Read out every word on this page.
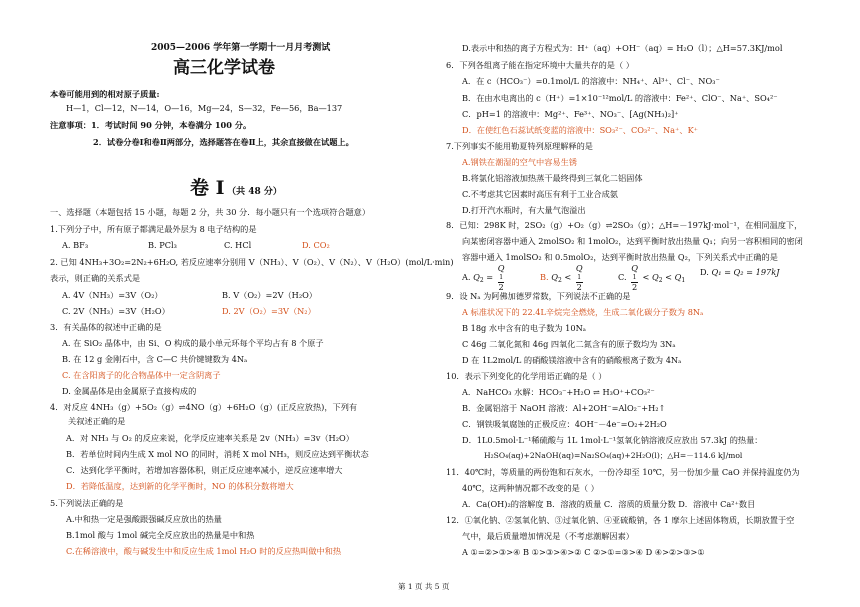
2005—2006 学年第一学期十一月月考测试
高三化学试卷
本卷可能用到的相对原子质量:
H—1，Cl—12，N—14，O—16，Mg—24，S—32，Fe—56，Ba—137
注意事项：1．考试时间 90 分钟，本卷满分 100 分。
2．试卷分卷Ⅰ和卷Ⅱ两部分，选择题答在卷Ⅱ上，其余直接做在试题上。
卷 I （共 48 分）
一、选择题（本题包括 15 小题，每题 2 分，共 30 分．每小题只有一个选项符合题意）
1.下列分子中，所有原子都满足最外层为 8 电子结构的是
A. BF₃	B. PCl₃	C. HCl	D. CO₂
2. 已知 4NH₃+3O₂=2N₂+6H₂O, 若反应速率分别用 V（NH₃）、V（O₂）、V（N₂）、V（H₂O）(mol/L·min)
表示，则正确的关系式是
A. 4V（NH₃）=3V（O₂）	B. V（O₂）=2V（H₂O）
C. 2V（NH₃）=3V（H₂O）	D. 2V（O₂）=3V（N₂）
3．有关晶体的叙述中正确的是
A. 在 SiO₂ 晶体中，由 Si、O 构成的最小单元环每个平均占有 8 个原子
B. 在 12 g 金刚石中，含 C—C 共价键键数为 4Nₐ
C. 在含阳离子的化合物晶体中一定含阴离子
D. 金属晶体是由金属原子直接构成的
4．对反应 4NH₃（g）+5O₂（g）⇌4NO（g）+6H₂O（g）(正反应放热)，下列有
关叙述正确的是
A．对 NH₃ 与 O₂ 的反应来说，化学反应速率关系是 2v（NH₃）=3v（H₂O）
B．若单位时间内生成 X mol NO 的同时，消耗 X mol NH₃，则反应达到平衡状态
C．达到化学平衡时，若增加容器体积，则正反应速率减小，逆反应速率增大
D．若降低温度，达到新的化学平衡时，NO 的体积分数将增大
5.下列说法正确的是
A.中和热一定是强酸跟强碱反应放出的热量
B.1mol 酸与 1mol 碱完全反应放出的热量是中和热
C.在稀溶液中，酸与碱发生中和反应生成 1mol H₂O 时的反应热叫做中和热
D.表示中和热的离子方程式为：H⁺（aq）+OH⁻（aq）= H₂O（l）；△H=57.3KJ/mol
6．下列各组离子能在指定环境中大量共存的是（ ）
A．在 c（HCO₃⁻）=0.1mol/L 的溶液中：NH₄⁺、Al³⁺、Cl⁻、NO₃⁻
B．在由水电离出的 c（H⁺）=1×10⁻¹²mol/L 的溶液中：Fe²⁺、ClO⁻、Na⁺、SO₄²⁻
C．pH=1 的溶液中：Mg²⁺、Fe³⁺、NO₃⁻、[Ag(NH₃)₂]⁺
D．在使红色石蕊试纸变蓝的溶液中：SO₃²⁻、CO₃²⁻、Na⁺、K⁺
7.下列事实不能用勒夏特列原理解释的是
A.钢铁在潮湿的空气中容易生锈
B.将氯化铝溶液加热蒸干最终得到三氧化二铝固体
C.不考虑其它因素时高压有利于工业合成氨
D.打开汽水瓶时，有大量气泡溢出
8．已知：298K 时，2SO₂（g）+O₂（g）⇌2SO₃（g）；△H=－197kJ·mol⁻¹，在相同温度下，
向某密闭容器中通入 2molSO₂ 和 1molO₂，达到平衡时放出热量 Q₁；向另一容积相同的密闭
容器中通入 1molSO₂ 和 0.5molO₂，达到平衡时放出热量 Q₂，下列关系式中正确的是
A. $Q_2 = Q$
1
2	B. $Q_2 < Q$
1
2	C. Q
1
$2 < Q_2 < Q_1$
D. Q₁ = Q₂ = 197kJ
9．设 Nₐ 为阿佛加德罗常数，下列说法不正确的是
A 标准状况下的 22.4L辛烷完全燃烧，生成二氧化碳分子数为 8Nₐ
B 18g 水中含有的电子数为 10Nₐ
C 46g 二氧化氮和 46g 四氧化二氮含有的原子数均为 3Nₐ
D 在 1L2mol/L 的硝酸镁溶液中含有的硝酸根离子数为 4Nₐ
10．表示下列变化的化学用语正确的是（ ）
A．NaHCO₃ 水解：HCO₃⁻+H₂O ⇌ H₃O⁺+CO₃²⁻
B．金属铝溶于 NaOH 溶液：Al+2OH⁻=AlO₂⁻+H₂↑
C．钢铁吸氧腐蚀的正极反应：4OH⁻－4e⁻=O₂+2H₂O
D．1L0.5mol·L⁻¹稀硫酸与 1L 1mol·L⁻¹氢氧化钠溶液反应放出 57.3kJ 的热量：
H₂SO₄(aq)+2NaOH(aq)=Na₂SO₄(aq)+2H₂O(l)；△H=－114.6 kJ/mol
11．40℃时，等质量的两份饱和石灰水，一份冷却至 10℃，另一份加少量 CaO 并保持温度仍为
40℃，这两种情况都不改变的是（ ）
A．Ca(OH)₂的溶解度 B．溶液的质量 C．溶质的质量分数 D．溶液中 Ca²⁺数目
12．①氧化钠、②氢氧化钠、③过氧化钠、④亚硫酸钠，各 1 摩尔上述固体物质，长期放置于空
气中，最后质量增加情况是（不考虑潮解因素）
A ①=②>③>④ B ①>③>④>② C ②>①=③>④ D ④>②>③>①
第 1 页 共 5 页
